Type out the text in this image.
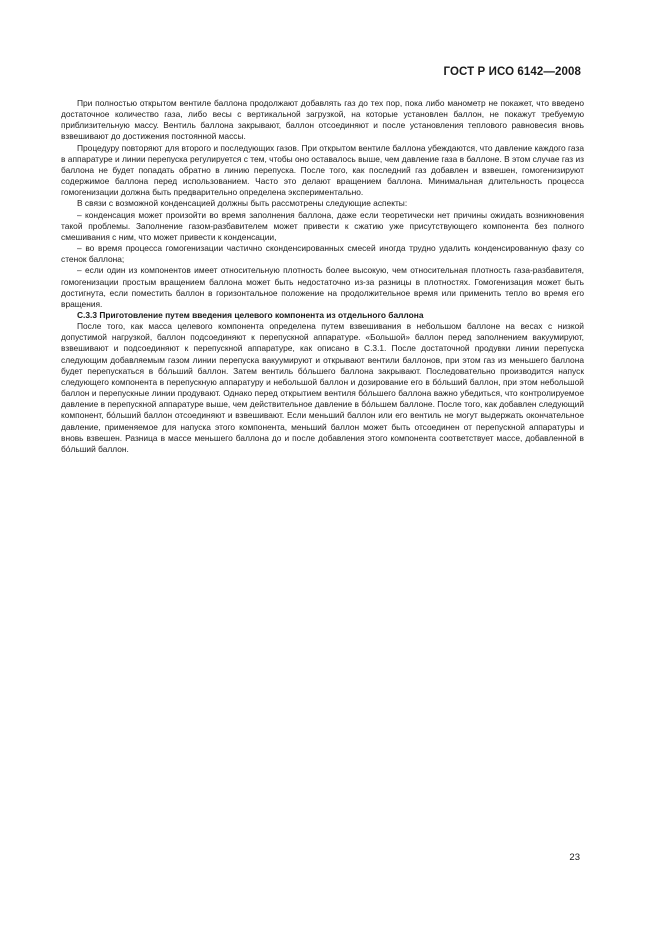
ГОСТ Р ИСО 6142—2008

При полностью открытом вентиле баллона продолжают добавлять газ до тех пор, пока либо манометр не покажет, что введено достаточное количество газа, либо весы с вертикальной загрузкой, на которые установлен баллон, не покажут требуемую приблизительную массу. Вентиль баллона закрывают, баллон отсоединяют и после установления теплового равновесия вновь взвешивают до достижения постоянной массы.

Процедуру повторяют для второго и последующих газов. При открытом вентиле баллона убеждаются, что давление каждого газа в аппаратуре и линии перепуска регулируется с тем, чтобы оно оставалось выше, чем давление газа в баллоне. В этом случае газ из баллона не будет попадать обратно в линию перепуска. После того, как последний газ добавлен и взвешен, гомогенизируют содержимое баллона перед использованием. Часто это делают вращением баллона. Минимальная длительность процесса гомогенизации должна быть предварительно определена экспериментально.

В связи с возможной конденсацией должны быть рассмотрены следующие аспекты:

– конденсация может произойти во время заполнения баллона, даже если теоретически нет причины ожидать возникновения такой проблемы. Заполнение газом-разбавителем может привести к сжатию уже присутствующего компонента без полного смешивания с ним, что может привести к конденсации,

– во время процесса гомогенизации частично сконденсированных смесей иногда трудно удалить конденсированную фазу со стенок баллона;

– если один из компонентов имеет относительную плотность более высокую, чем относительная плотность газа-разбавителя, гомогенизации простым вращением баллона может быть недостаточно из-за разницы в плотностях. Гомогенизация может быть достигнута, если поместить баллон в горизонтальное положение на продолжительное время или применить тепло во время его вращения.

С.3.3 Приготовление путем введения целевого компонента из отдельного баллона

После того, как масса целевого компонента определена путем взвешивания в небольшом баллоне на весах с низкой допустимой нагрузкой, баллон подсоединяют к перепускной аппаратуре. «Большой» баллон перед заполнением вакуумируют, взвешивают и подсоединяют к перепускной аппаратуре, как описано в С.3.1. После достаточной продувки линии перепуска следующим добавляемым газом линии перепуска вакуумируют и открывают вентили баллонов, при этом газ из меньшего баллона будет перепускаться в бо́льший баллон. Затем вентиль бо́льшего баллона закрывают. Последовательно производится напуск следующего компонента в перепускную аппаратуру и небольшой баллон и дозирование его в бо́льший баллон, при этом небольшой баллон и перепускные линии продувают. Однако перед открытием вентиля бо́льшего баллона важно убедиться, что контролируемое давление в перепускной аппаратуре выше, чем действительное давление в бо́льшем баллоне. После того, как добавлен следующий компонент, бо́льший баллон отсоединяют и взвешивают. Если меньший баллон или его вентиль не могут выдержать окончательное давление, применяемое для напуска этого компонента, меньший баллон может быть отсоединен от перепускной аппаратуры и вновь взвешен. Разница в массе меньшего баллона до и после добавления этого компонента соответствует массе, добавленной в бо́льший баллон.

23
